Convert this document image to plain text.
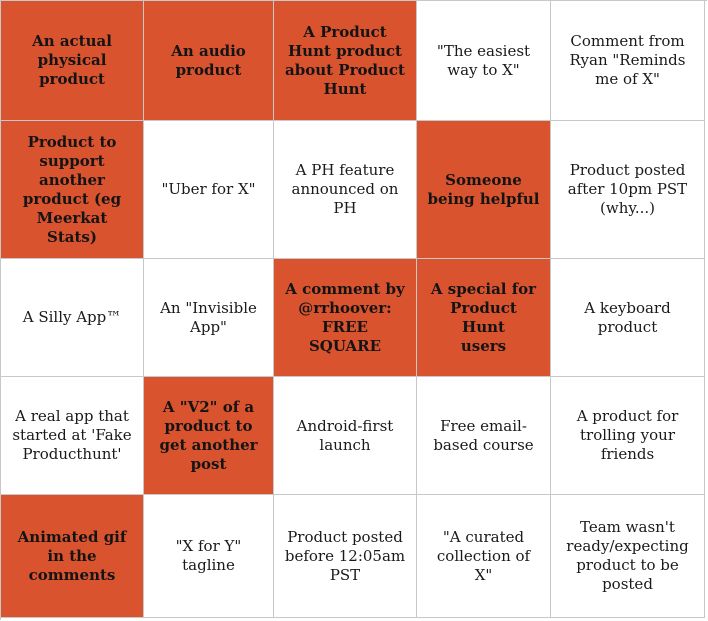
An actual
physical
product
An audio
product
A Product
Hunt product
about Product
Hunt
"The easiest
way to X"
Comment from
Ryan "Reminds
me of X"
Product to
support
another
product (eg
Meerkat
Stats)
"Uber for X"
A PH feature
announced on
PH
Someone
being helpful
Product posted
after 10pm PST
(why...)
A Silly App™
An "Invisible
App"
A comment by
@rrhoover:
FREE
SQUARE
A special for
Product Hunt
users
A keyboard
product
A real app that
started at 'Fake
Producthunt'
A "V2" of a
product to
get another
post
Android-first
launch
Free email-
based course
A product for
trolling your
friends
Animated gif
in the
comments
"X for Y"
tagline
Product posted
before 12:05am
PST
"A curated
collection of X"
Team wasn't
ready/expecting
product to be
posted
